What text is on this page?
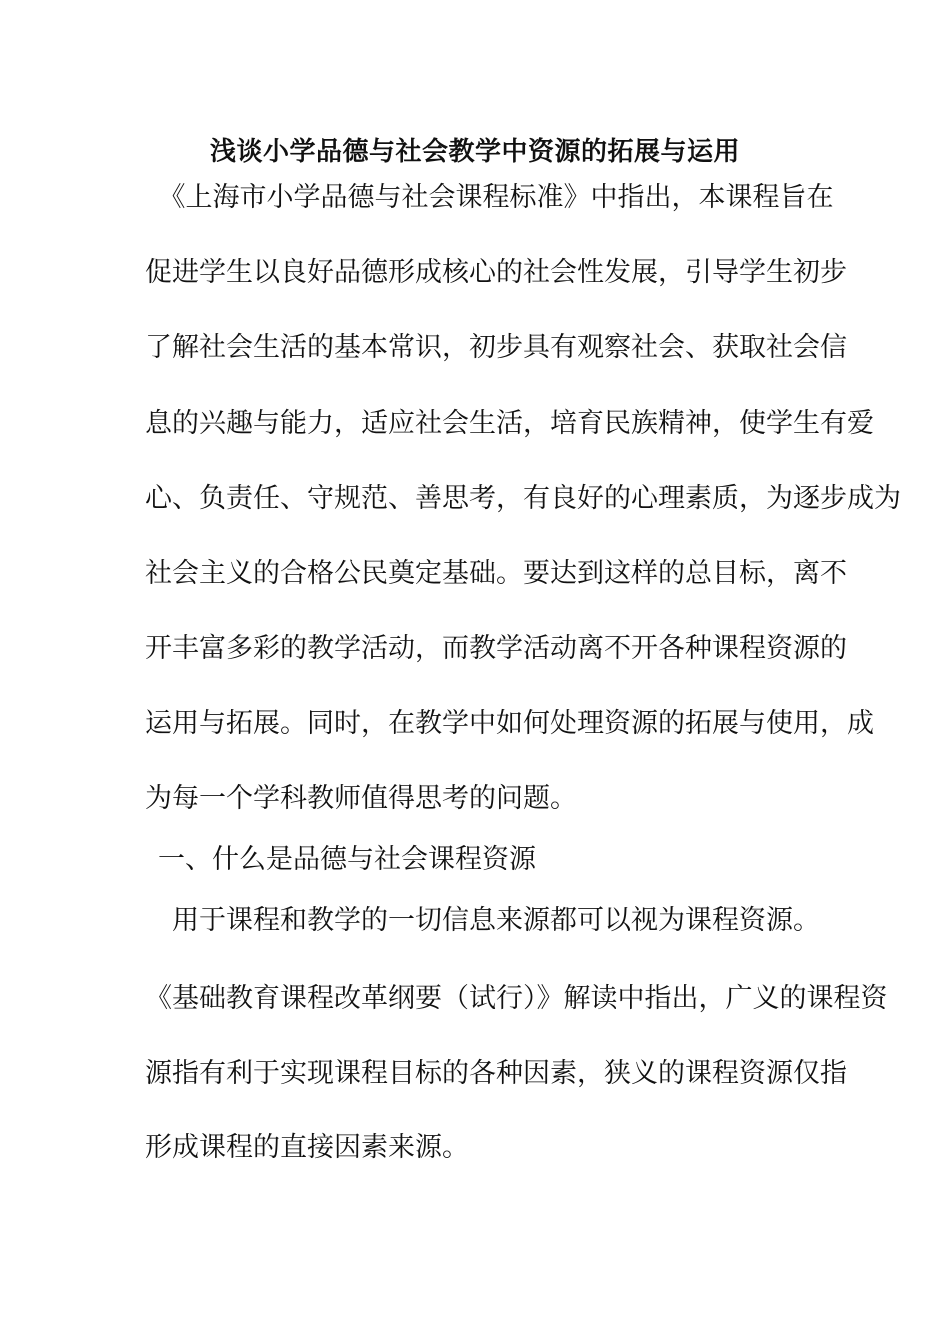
浅谈小学品德与社会教学中资源的拓展与运用
　《上海市小学品德与社会课程标准》中指出，本课程旨在
促进学生以良好品德形成核心的社会性发展，引导学生初步
了解社会生活的基本常识，初步具有观察社会、获取社会信
息的兴趣与能力，适应社会生活，培育民族精神，使学生有爱
心、负责任、守规范、善思考，有良好的心理素质，为逐步成为
社会主义的合格公民奠定基础。要达到这样的总目标，离不
开丰富多彩的教学活动，而教学活动离不开各种课程资源的
运用与拓展。同时，在教学中如何处理资源的拓展与使用，成
为每一个学科教师值得思考的问题。
一、什么是品德与社会课程资源
　用于课程和教学的一切信息来源都可以视为课程资源。
《基础教育课程改革纲要（试行）》解读中指出，广义的课程资
源指有利于实现课程目标的各种因素，狭义的课程资源仅指
形成课程的直接因素来源。
